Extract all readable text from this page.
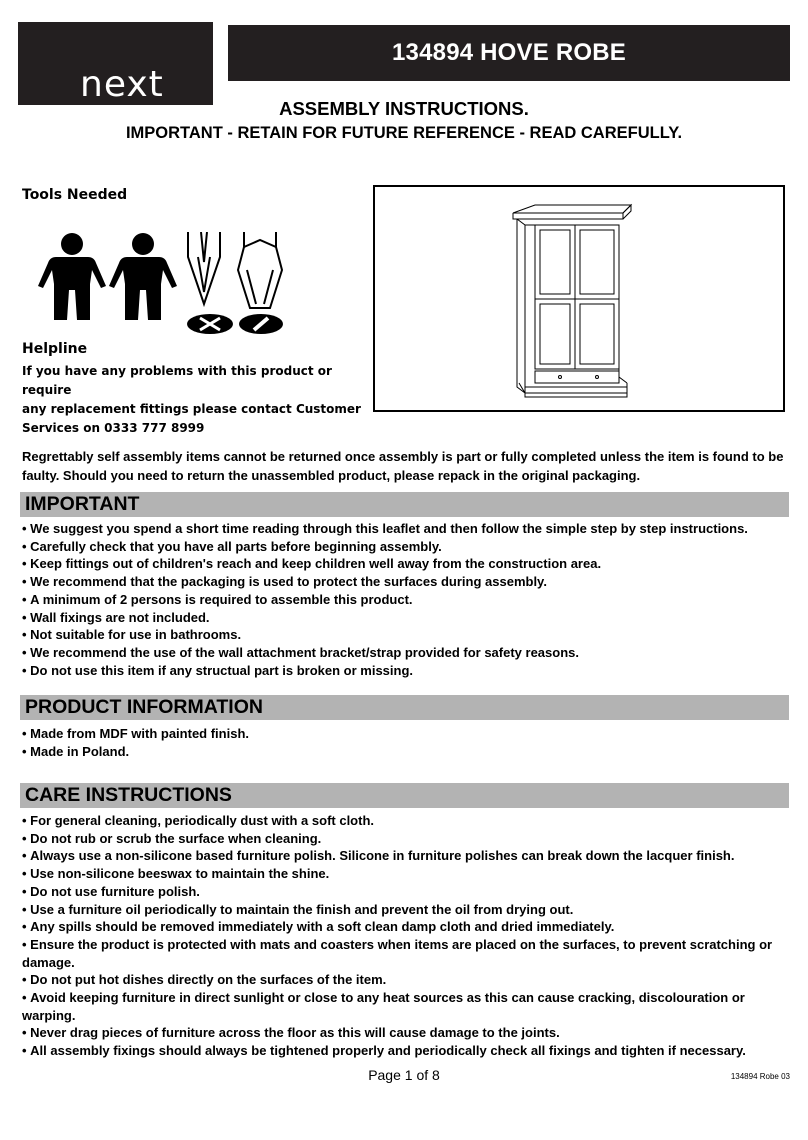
next
134894 HOVE ROBE
ASSEMBLY INSTRUCTIONS.
IMPORTANT - RETAIN FOR FUTURE REFERENCE - READ CAREFULLY.
Tools Needed
Helpline
If you have any problems with this product or require
any replacement fittings please contact Customer
Services on 0333 777 8999
Regrettably self assembly items cannot be returned once assembly is part or fully completed unless the item is found to be faulty. Should you need to return the unassembled product, please repack in the original packaging.
IMPORTANT
• We suggest you spend a short time reading through this leaflet and then follow the simple step by step instructions.
• Carefully check that you have all parts before beginning assembly.
• Keep fittings out of children's reach and keep children well away from the construction area.
• We recommend that the packaging is used to protect the surfaces during assembly.
• A minimum of 2 persons is required to assemble this product.
• Wall fixings are not included.
• Not suitable for use in bathrooms.
• We recommend the use of the wall attachment bracket/strap provided for safety reasons.
• Do not use this item if any structual part is broken or missing.
PRODUCT INFORMATION
• Made from MDF with painted finish.
• Made in Poland.
CARE INSTRUCTIONS
• For general cleaning, periodically dust with a soft cloth.
• Do not rub or scrub the surface when cleaning.
• Always use a non-silicone based furniture polish. Silicone in furniture polishes can break down the lacquer finish.
• Use non-silicone beeswax to maintain the shine.
• Do not use furniture polish.
• Use a furniture oil periodically to maintain the finish and prevent the oil from drying out.
• Any spills should be removed immediately with a soft clean damp cloth and dried immediately.
• Ensure the product is protected with mats and coasters when items are placed on the surfaces, to prevent scratching or damage.
• Do not put hot dishes directly on the surfaces of the item.
• Avoid keeping furniture in direct sunlight or close to any heat sources as this can cause cracking, discolouration or warping.
• Never drag pieces of furniture across the floor as this will cause damage to the joints.
• All assembly fixings should always be tightened properly and periodically check all fixings and tighten if necessary.
Page 1 of 8	134894 Robe 03
